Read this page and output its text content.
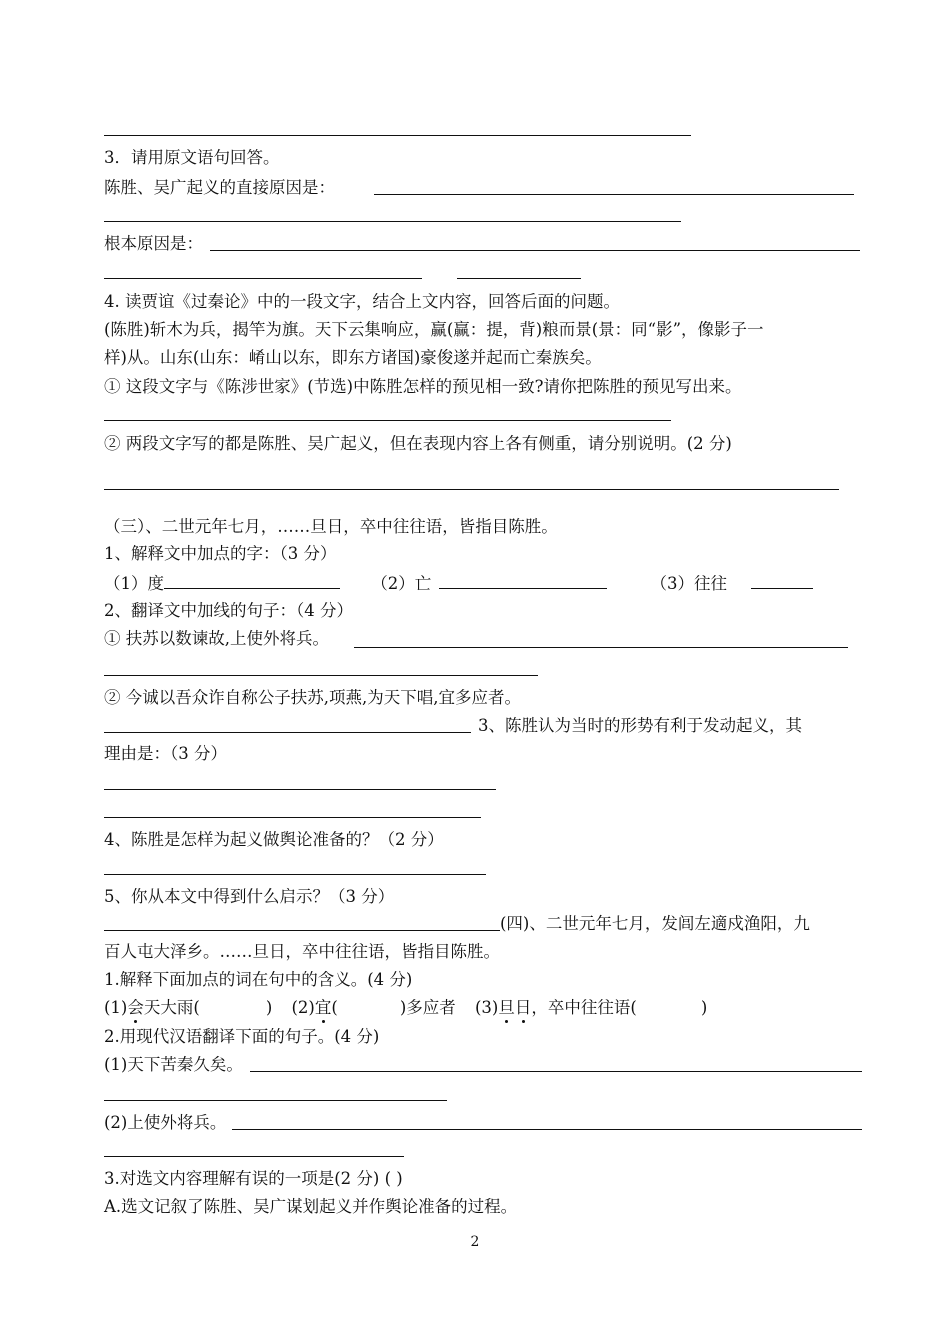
3．请用原文语句回答。
陈胜、吴广起义的直接原因是：
根本原因是：
4. 读贾谊《过秦论》中的一段文字，结合上文内容，回答后面的问题。
(陈胜)斩木为兵，揭竿为旗。天下云集响应，赢(赢：提，背)粮而景(景：同“影”，像影子一
样)从。山东(山东：崤山以东，即东方诸国)豪俊遂并起而亡秦族矣。
① 这段文字与《陈涉世家》(节选)中陈胜怎样的预见相一致?请你把陈胜的预见写出来。
② 两段文字写的都是陈胜、吴广起义，但在表现内容上各有侧重，请分别说明。(2 分)
（三）、二世元年七月，……旦日，卒中往往语，皆指目陈胜。
1、解释文中加点的字：（3 分）
（1）度	（2）亡	（3）往往
2、翻译文中加线的句子：（4 分）
① 扶苏以数谏故,上使外将兵。
② 今诚以吾众诈自称公子扶苏,项燕,为天下唱,宜多应者。
3、陈胜认为当时的形势有利于发动起义，其
理由是：（3 分）
4、陈胜是怎样为起义做舆论准备的？（2 分）
5、你从本文中得到什么启示？（3 分）
(四)、二世元年七月，发闾左適戍渔阳，九
百人屯大泽乡。……旦日，卒中往往语，皆指目陈胜。
1.解释下面加点的词在句中的含义。(4 分)
(1)会天大雨(	) (2)宜(	)多应者 (3)旦日，卒中往往语(	)
2.用现代汉语翻译下面的句子。(4 分)
(1)天下苦秦久矣。
(2)上使外将兵。
3.对选文内容理解有误的一项是(2 分) ( )
A.选文记叙了陈胜、吴广谋划起义并作舆论准备的过程。
2
